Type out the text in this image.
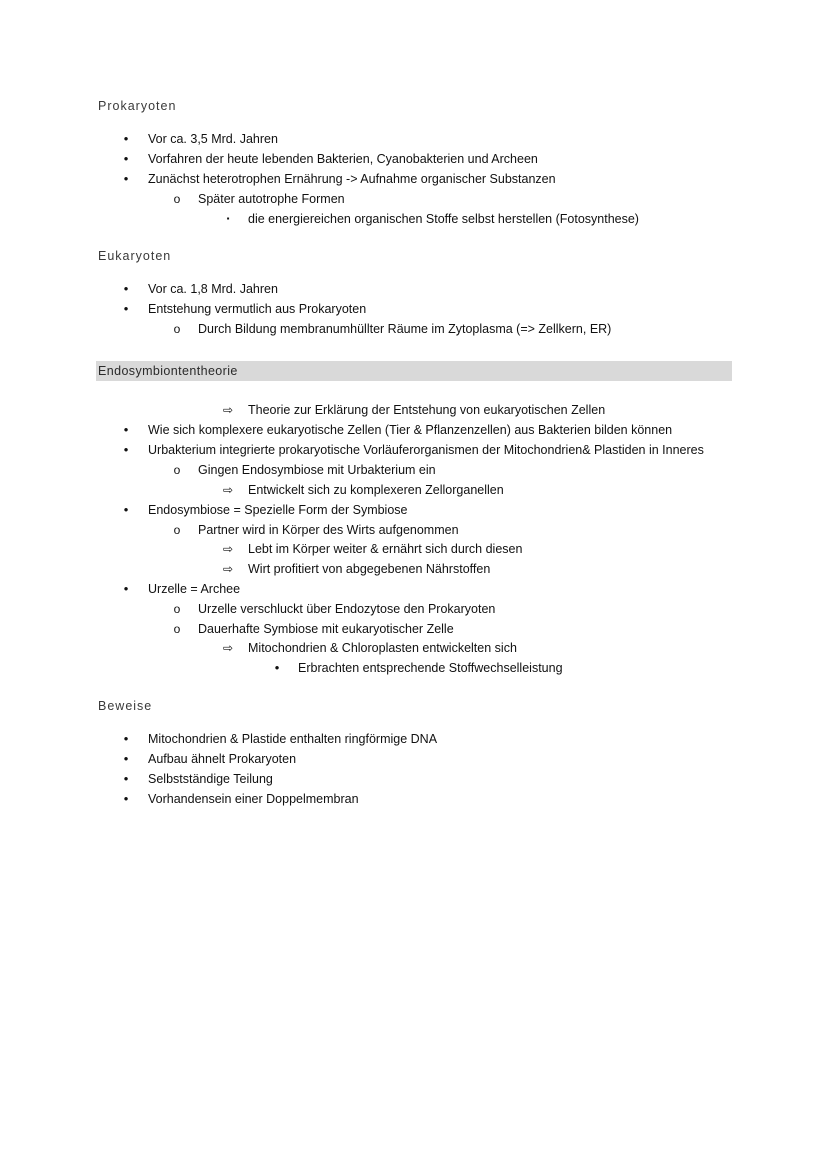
Prokaryoten
•	Vor ca. 3,5 Mrd. Jahren
•	Vorfahren der heute lebenden Bakterien, Cyanobakterien und Archeen
•	Zunächst heterotrophen Ernährung -> Aufnahme organischer Substanzen
o Später autotrophe Formen
▪	die energiereichen organischen Stoffe selbst herstellen (Fotosynthese)
Eukaryoten
•	Vor ca. 1,8 Mrd. Jahren
•	Entstehung vermutlich aus Prokaryoten
o Durch Bildung membranumhüllter Räume im Zytoplasma (=> Zellkern, ER)
Endosymbiontentheorie
⇨ Theorie zur Erklärung der Entstehung von eukaryotischen Zellen
•	Wie sich komplexere eukaryotische Zellen (Tier & Pflanzenzellen) aus Bakterien bilden können
•	Urbakterium integrierte prokaryotische Vorläuferorganismen der Mitochondrien& Plastiden in Inneres
o Gingen Endosymbiose mit Urbakterium ein
⇨ Entwickelt sich zu komplexeren Zellorganellen
•	Endosymbiose = Spezielle Form der Symbiose
o Partner wird in Körper des Wirts aufgenommen
⇨ Lebt im Körper weiter & ernährt sich durch diesen
⇨ Wirt profitiert von abgegebenen Nährstoffen
•	Urzelle = Archee
o Urzelle verschluckt über Endozytose den Prokaryoten
o Dauerhafte Symbiose mit eukaryotischer Zelle
⇨ Mitochondrien & Chloroplasten entwickelten sich
•	Erbrachten entsprechende Stoffwechselleistung
Beweise
•	Mitochondrien & Plastide enthalten ringförmige DNA
•	Aufbau ähnelt Prokaryoten
•	Selbstständige Teilung
•	Vorhandensein einer Doppelmembran
